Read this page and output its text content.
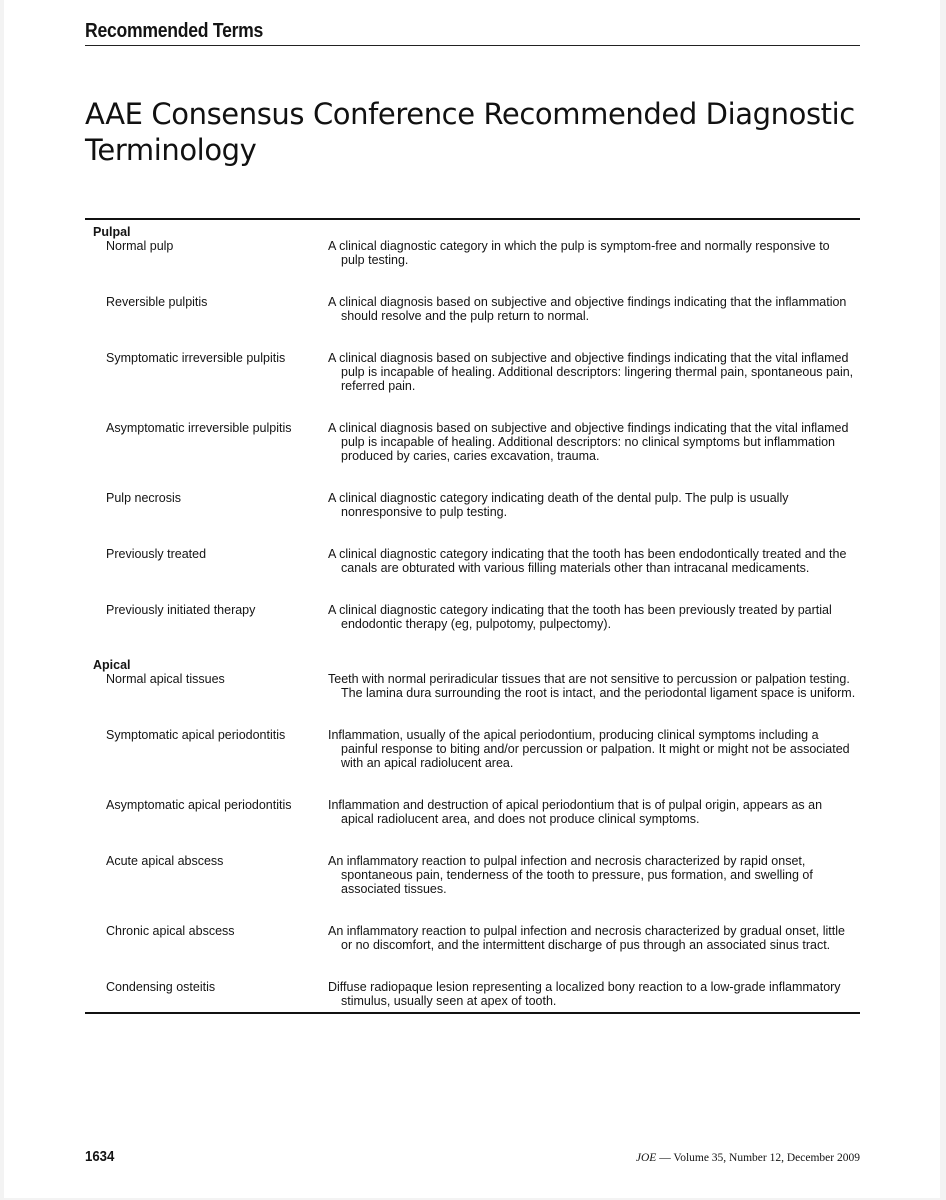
Recommended Terms
AAE Consensus Conference Recommended Diagnostic Terminology
Pulpal
Normal pulp	A clinical diagnostic category in which the pulp is symptom-free and normally responsive to pulp testing.
Reversible pulpitis	A clinical diagnosis based on subjective and objective findings indicating that the inflammation should resolve and the pulp return to normal.
Symptomatic irreversible pulpitis	A clinical diagnosis based on subjective and objective findings indicating that the vital inflamed pulp is incapable of healing. Additional descriptors: lingering thermal pain, spontaneous pain, referred pain.
Asymptomatic irreversible pulpitis	A clinical diagnosis based on subjective and objective findings indicating that the vital inflamed pulp is incapable of healing. Additional descriptors: no clinical symptoms but inflammation produced by caries, caries excavation, trauma.
Pulp necrosis	A clinical diagnostic category indicating death of the dental pulp. The pulp is usually nonresponsive to pulp testing.
Previously treated	A clinical diagnostic category indicating that the tooth has been endodontically treated and the canals are obturated with various filling materials other than intracanal medicaments.
Previously initiated therapy	A clinical diagnostic category indicating that the tooth has been previously treated by partial endodontic therapy (eg, pulpotomy, pulpectomy).
Apical
Normal apical tissues	Teeth with normal periradicular tissues that are not sensitive to percussion or palpation testing. The lamina dura surrounding the root is intact, and the periodontal ligament space is uniform.
Symptomatic apical periodontitis	Inflammation, usually of the apical periodontium, producing clinical symptoms including a painful response to biting and/or percussion or palpation. It might or might not be associated with an apical radiolucent area.
Asymptomatic apical periodontitis	Inflammation and destruction of apical periodontium that is of pulpal origin, appears as an apical radiolucent area, and does not produce clinical symptoms.
Acute apical abscess	An inflammatory reaction to pulpal infection and necrosis characterized by rapid onset, spontaneous pain, tenderness of the tooth to pressure, pus formation, and swelling of associated tissues.
Chronic apical abscess	An inflammatory reaction to pulpal infection and necrosis characterized by gradual onset, little or no discomfort, and the intermittent discharge of pus through an associated sinus tract.
Condensing osteitis	Diffuse radiopaque lesion representing a localized bony reaction to a low-grade inflammatory stimulus, usually seen at apex of tooth.
1634	JOE — Volume 35, Number 12, December 2009
